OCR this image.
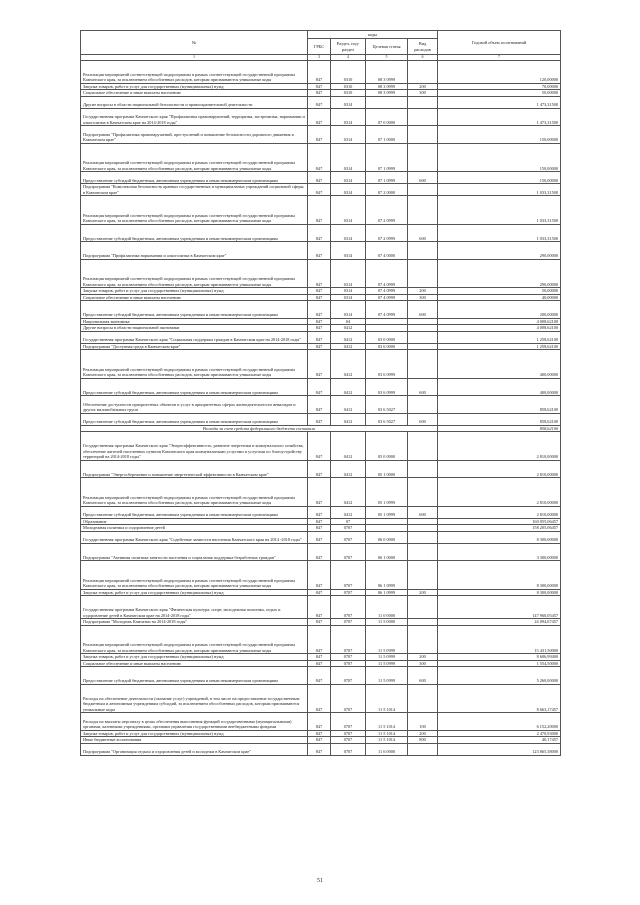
№	коды				Годовой объем ассигнований
	ГРБС	Раздел, под-раздел	Целевая статья	Вид расходов	
1	3	4	5	6	7
Реализация мероприятий соответствующей подпрограммы в рамках соответствующей государственной программы Камчатского края, за исключением обособленных расходов, которым присваиваются уникальные коды	847	0310	08 3 0999		120,00000
Закупка товаров, работ и услуг для государственных (муниципальных) нужд	847	0310	08 3 0999	200	70,00000
Социальное обеспечение и иные выплаты населению	847	0310	08 3 0999	300	50,00000
Другие вопросы в области национальной безопасности и правоохранительной деятельности	847	0314			1 473,31500
Государственная программа Камчатского края "Профилактика правонарушений, терроризма, экстремизма, наркомании и алкоголизма в Камчатском крае на 2014-2018 годы"	847	0314	07 0 0000		1 473,31500
Подпрограмма "Профилактика правонарушений, преступлений и повышение безопасности дорожного движения в Камчатском крае"	847	0314	07 1 0000		150,00000
Реализация мероприятий соответствующей подпрограммы в рамках соответствующей государственной программы Камчатского края, за исключением обособленных расходов, которым присваиваются уникальные коды	847	0314	07 1 0999		150,00000
Предоставление субсидий бюджетным, автономным учреждениям и иным некоммерческим организациям	847	0314	07 1 0999	600	150,00000
Подпрограмма "Комплексная безопасность краевых государственных и муниципальных учреждений социальной сферы в Камчатском крае"	847	0314	07 2 0000		1 033,31500
Реализация мероприятий соответствующей подпрограммы в рамках соответствующей государственной программы Камчатского края, за исключением обособленных расходов, которым присваиваются уникальные коды	847	0314	07 2 0999		1 033,31500
Предоставление субсидий бюджетным, автономным учреждениям и иным некоммерческим организациям	847	0314	07 2 0999	600	1 033,31500
Подпрограмма "Профилактика наркомании и алкоголизма в Камчатском крае"	847	0314	07 4 0000		290,00000
Реализация мероприятий соответствующей подпрограммы в рамках соответствующей государственной программы Камчатского края, за исключением обособленных расходов, которым присваиваются уникальные коды	847	0314	07 4 0999		290,00000
Закупка товаров, работ и услуг для государственных (муниципальных) нужд	847	0314	07 4 0999	200	50,00000
Социальное обеспечение и иные выплаты населению	847	0314	07 4 0999	300	40,00000
Предоставление субсидий бюджетным, автономным учреждениям и иным некоммерческим организациям	847	0314	07 4 0999	600	200,00000
Национальная экономика	847	04			4 008,62100
Другие вопросы в области национальной экономики	847	0412			4 008,62100
Государственная программа Камчатского края "Социальная поддержка граждан в Камчатском крае на 2014-2018 годы"	847	0412	03 0 0000		1 258,62100
Подпрограмма "Доступная среда в Камчатском крае"	847	0412	03 6 0000		1 258,62100
Реализация мероприятий соответствующей подпрограммы в рамках соответствующей государственной программы Камчатского края, за исключением обособленных расходов, которым присваиваются уникальные коды	847	0412	03 6 0999		400,00000
Предоставление субсидий бюджетным, автономным учреждениям и иным некоммерческим организациям	847	0412	03 6 0999	600	400,00000
Обеспечение доступности приоритетных объектов и услуг в приоритетных сферах жизнедеятельности инвалидов и других маломобильных групп	847	0412	03 6 5027		858,62100
Предоставление субсидий бюджетным, автономным учреждениям и иным некоммерческим организациям	847	0412	03 6 5027	600	858,62100
Расходы за счет средств федерального бюджета составили					858,62100
Государственная программа Камчатского края "Энергоэффективность, развитие энергетики и коммунального хозяйства, обеспечение жителей населенных пунктов Камчатского края коммунальными услугами и услугами по благоустройству территорий на 2014-2018 годы"	847	0412	05 0 0000		2 810,00000
Подпрограмма "Энергосбережение и повышение энергетической эффективности в Камчатском крае"	847	0412	05 1 0000		2 810,00000
Реализация мероприятий соответствующей подпрограммы в рамках соответствующей государственной программы Камчатского края, за исключением обособленных расходов, которым присваиваются уникальные коды	847	0412	05 1 0999		2 810,00000
Предоставление субсидий бюджетным, автономным учреждениям и иным некоммерческим организациям	847	0412	05 1 0999	600	2 810,00000
Образование	847	07			160 055,06457
Молодежная политика и оздоровление детей	847	0707			158 205,06457
Государственная программа Камчатского края "Содействие занятости населения Камчатского края на 2014 -2018 годы"	847	0707	06 0 0000		8 300,00000
Подпрограмма "Активная политика занятости населения и социальная поддержка безработных граждан"	847	0707	06 1 0000		3 300,00000
Реализация мероприятий соответствующей подпрограммы в рамках соответствующей государственной программы Камчатского края, за исключением обособленных расходов, которым присваиваются уникальные коды	847	0707	06 1 0999		8 300,00000
Закупка товаров, работ и услуг для государственных (муниципальных) нужд	847	0707	06 1 0999	200	8 300,00000
Государственная программа Камчатского края "Физическая культура, спорт, молодежная политика, отдых и оздоровление детей в Камчатском крае на 2014-2018 годы"	847	0707	11 0 0000		147 960,05457
Подпрограмма "Молодежь Камчатки на 2014-2018 годы"	847	0707	11 5 0000		24 094,67457
Реализация мероприятий соответствующей подпрограммы в рамках соответствующей государственной программы Камчатского края, за исключением обособленных расходов, которым присваиваются уникальные коды	847	0707	11 5 0999		15 431,50000
Закупка товаров, работ и услуг для государственных (муниципальных) нужд	847	0707	11 5 0999	200	8 606,99400
Социальное обеспечение и иные выплаты населению	847	0707	11 5 0999	300	1 554,50000
Предоставление субсидий бюджетным, автономным учреждениям и иным некоммерческим организациям	847	0707	11 5 0999	600	5 260,00000
Расходы на обеспечение деятельности (оказание услуг) учреждений, в том числе на предоставление государственным бюджетным и автономным учреждениям субсидий, за исключением обособленных расходов, которым присваиваются уникальные коды	847	0707	11 5 1014		8 663,17457
Расходы на выплаты персоналу в целях обеспечения выполнения функций государственными (муниципальными) органами, казенными учреждениями, органами управления государственными внебюджетными фондами	847	0707	11 5 1014	100	6 152,20000
Закупка товаров, работ и услуг для государственных (муниципальных) нужд	847	0707	11 5 1014	200	2 470,93000
Иные бюджетные ассигнования	847	0707	11 5 1014	800	40,17457
Подпрограмма "Организация отдыха и оздоровления детей и молодежи в Камчатском крае"	847	0707	11 6 0000		123 865,38000
51
